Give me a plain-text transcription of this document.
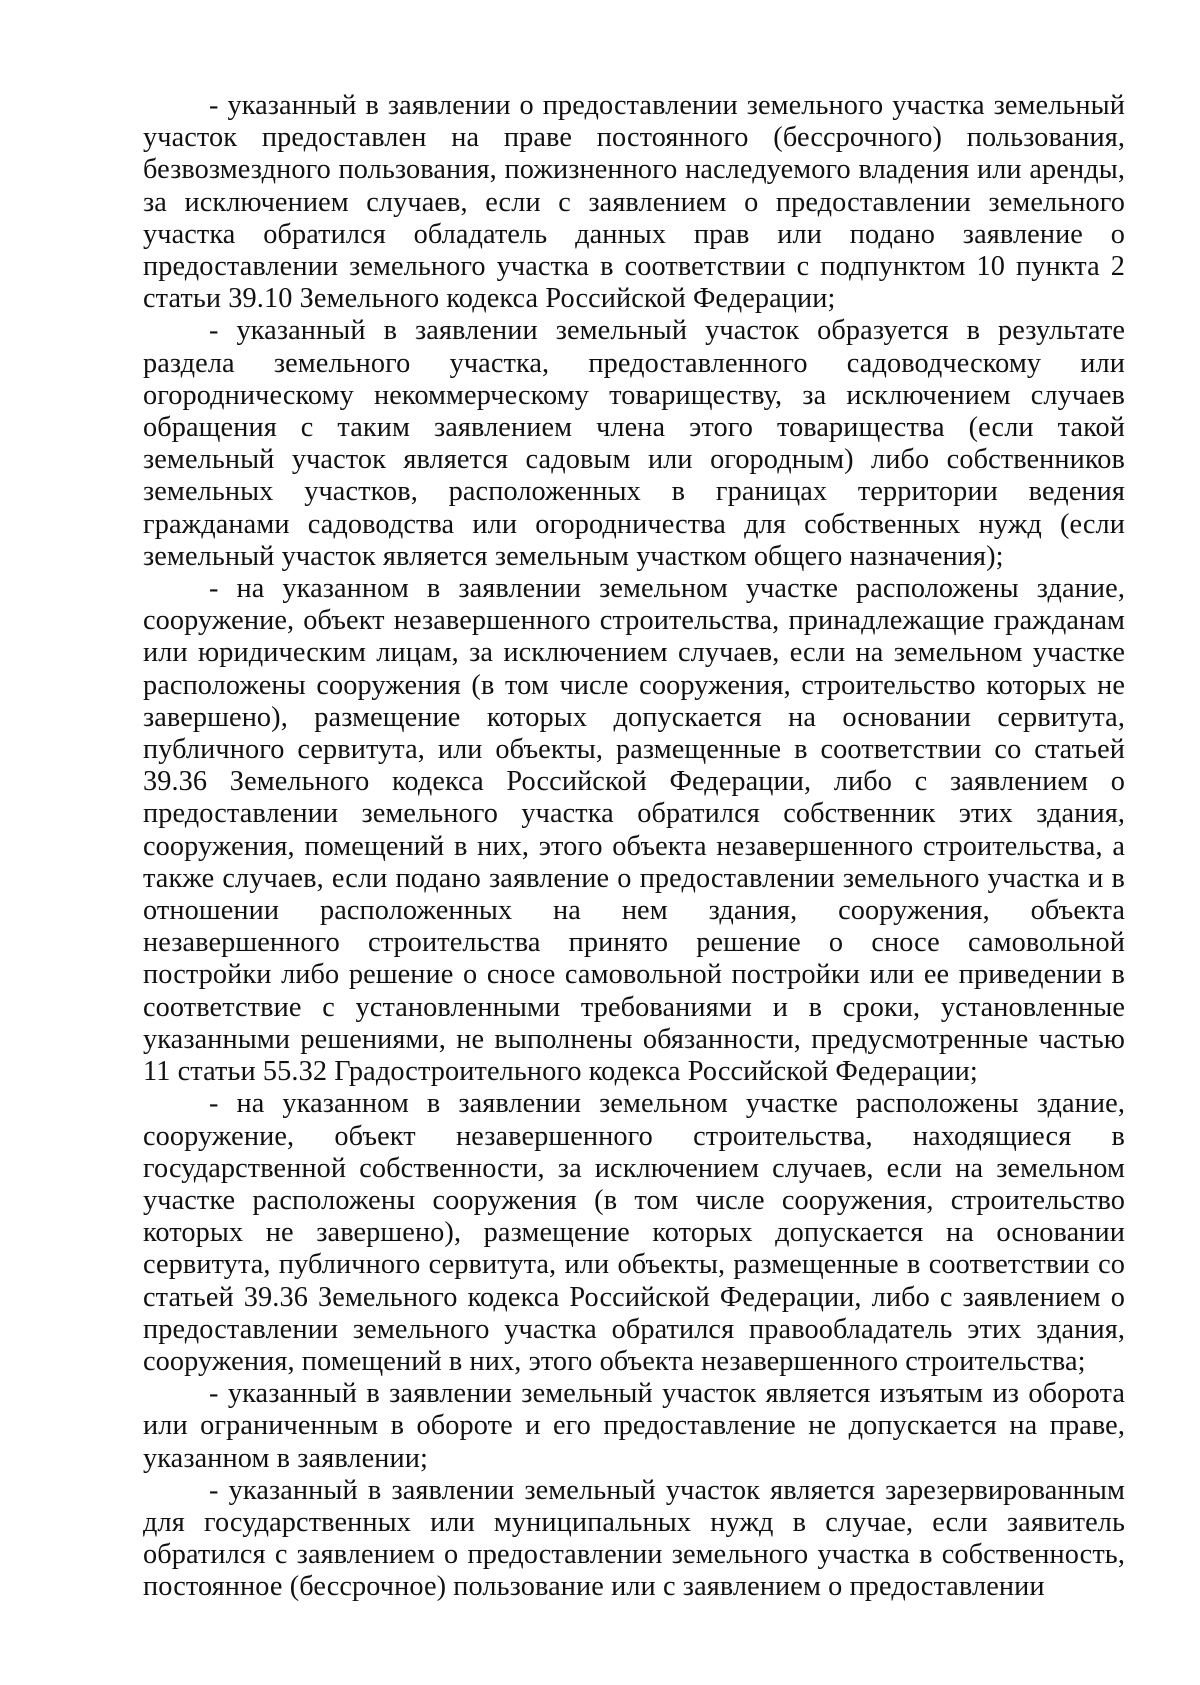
- указанный в заявлении о предоставлении земельного участка земельный участок предоставлен на праве постоянного (бессрочного) пользования, безвозмездного пользования, пожизненного наследуемого владения или аренды, за исключением случаев, если с заявлением о предоставлении земельного участка обратился обладатель данных прав или подано заявление о предоставлении земельного участка в соответствии с подпунктом 10 пункта 2 статьи 39.10 Земельного кодекса Российской Федерации;

- указанный в заявлении земельный участок образуется в результате раздела земельного участка, предоставленного садоводческому или огородническому некоммерческому товариществу, за исключением случаев обращения с таким заявлением члена этого товарищества (если такой земельный участок является садовым или огородным) либо собственников земельных участков, расположенных в границах территории ведения гражданами садоводства или огородничества для собственных нужд (если земельный участок является земельным участком общего назначения);

- на указанном в заявлении земельном участке расположены здание, сооружение, объект незавершенного строительства, принадлежащие гражданам или юридическим лицам, за исключением случаев, если на земельном участке расположены сооружения (в том числе сооружения, строительство которых не завершено), размещение которых допускается на основании сервитута, публичного сервитута, или объекты, размещенные в соответствии со статьей 39.36 Земельного кодекса Российской Федерации, либо с заявлением о предоставлении земельного участка обратился собственник этих здания, сооружения, помещений в них, этого объекта незавершенного строительства, а также случаев, если подано заявление о предоставлении земельного участка и в отношении расположенных на нем здания, сооружения, объекта незавершенного строительства принято решение о сносе самовольной постройки либо решение о сносе самовольной постройки или ее приведении в соответствие с установленными требованиями и в сроки, установленные указанными решениями, не выполнены обязанности, предусмотренные частью 11 статьи 55.32 Градостроительного кодекса Российской Федерации;

- на указанном в заявлении земельном участке расположены здание, сооружение, объект незавершенного строительства, находящиеся в государственной собственности, за исключением случаев, если на земельном участке расположены сооружения (в том числе сооружения, строительство которых не завершено), размещение которых допускается на основании сервитута, публичного сервитута, или объекты, размещенные в соответствии со статьей 39.36 Земельного кодекса Российской Федерации, либо с заявлением о предоставлении земельного участка обратился правообладатель этих здания, сооружения, помещений в них, этого объекта незавершенного строительства;

- указанный в заявлении земельный участок является изъятым из оборота или ограниченным в обороте и его предоставление не допускается на праве, указанном в заявлении;

- указанный в заявлении земельный участок является зарезервированным для государственных или муниципальных нужд в случае, если заявитель обратился с заявлением о предоставлении земельного участка в собственность, постоянное (бессрочное) пользование или с заявлением о предоставлении
